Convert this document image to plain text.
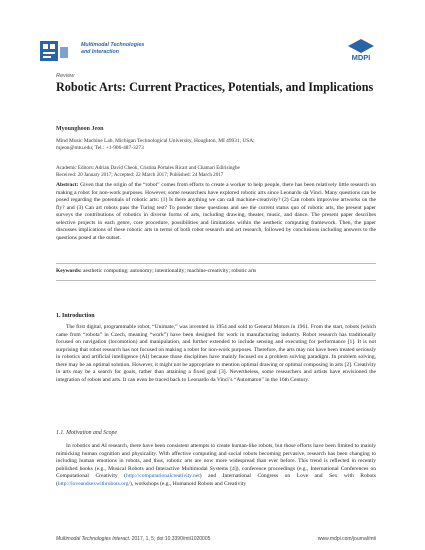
Multimodal Technologies
and Interaction
MDPI
Review
Robotic Arts: Current Practices, Potentials, and Implications
Myounghoon Jeon
Mind Music Machine Lab, Michigan Technological University, Houghton, MI 49931, USA;
mjeon@mtu.edu; Tel.: +1-906-487-3273
Academic Editors: Adrian David Cheok, Cristina Portales Ricart and Chamari Edirisinghe
Received: 20 January 2017; Accepted: 22 March 2017; Published: 24 March 2017
Abstract: Given that the origin of the “robot” comes from efforts to create a worker to help people, there has been relatively little research on making a robot for non-work purposes. However, some researchers have explored robotic arts since Leonardo da Vinci. Many questions can be posed regarding the potentials of robotic arts: (1) Is there anything we can call machine-creativity? (2) Can robots improvise artworks on the fly? and (3) Can art robots pass the Turing test? To ponder these questions and see the current status quo of robotic arts, the present paper surveys the contributions of robotics in diverse forms of arts, including drawing, theater, music, and dance. The present paper describes selective projects in each genre, core procedure, possibilities and limitations within the aesthetic computing framework. Then, the paper discusses implications of these robotic arts in terms of both robot research and art research, followed by conclusions including answers to the questions posed at the outset.
Keywords: aesthetic computing; autonomy; intentionality; machine-creativity; robotic arts
1. Introduction
The first digital, programmable robot, “Unimate,” was invented in 1954 and sold to General Motors in 1961. From the start, robots (which came from “robota” in Czech, meaning “work”) have been designed for work in manufacturing industry. Robot research has traditionally focused on navigation (locomotion) and manipulation, and further extended to include sensing and executing for performance [1]. It is not surprising that robot research has not focused on making a robot for non-work purposes. Therefore, the arts may not have been treated seriously in robotics and artificial intelligence (AI) because those disciplines have mainly focused on a problem solving paradigm. In problem solving, there may be an optimal solution. However, it might not be appropriate to mention optimal drawing or optimal composing in arts [2]. Creativity in arts may be a search for goals, rather than attaining a fixed goal [3]. Nevertheless, some researchers and artists have envisioned the integration of robots and arts. It can even be traced back to Leonardo da Vinci’s “Automaton” in the 16th Century.
1.1. Motivation and Scope
In robotics and AI research, there have been consistent attempts to create human-like robots, but those efforts have been limited to mainly mimicking human cognition and physicality. With affective computing and social robots becoming pervasive, research has been changing to including human emotions in robots, and thus, robotic arts are now more widespread than ever before. This trend is reflected in recently published books (e.g., Musical Robots and Interactive Multimodal Systems [4]), conference proceedings (e.g., International Conferences on Computational Creativity (http://computationalcreativity.net) and International Congress on Love and Sex with Robots (http://loveandsexwithrobots.org/), workshops (e.g., Humanoid Robots and Creativity
Multimodal Technologies Interact. 2017, 1, 5; doi:10.3390/mti1020005	www.mdpi.com/journal/mti
